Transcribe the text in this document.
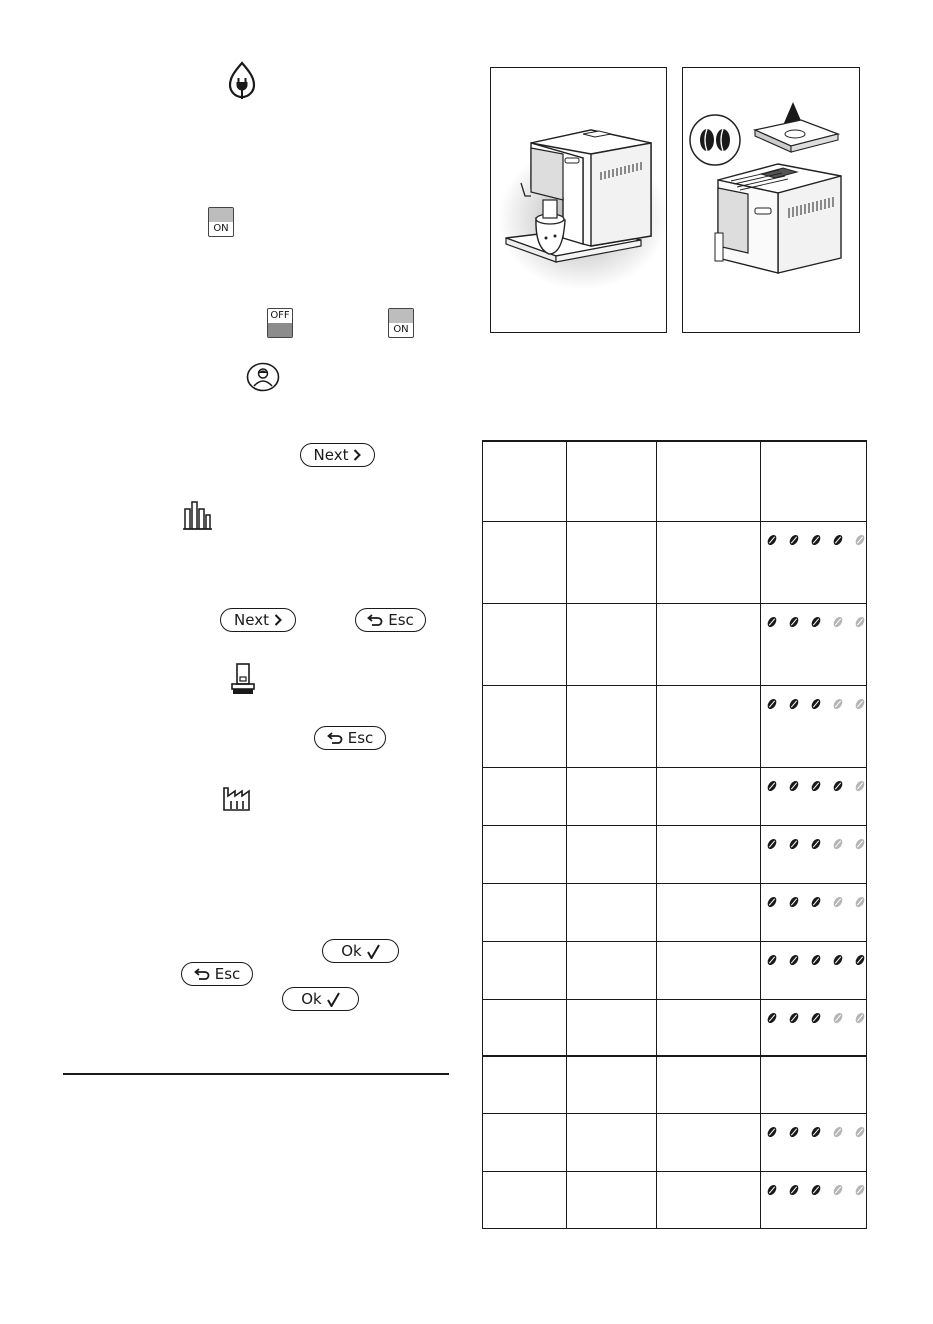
ON
OFF
ON
Next
Next	Esc
Esc
Ok
Esc
Ok
